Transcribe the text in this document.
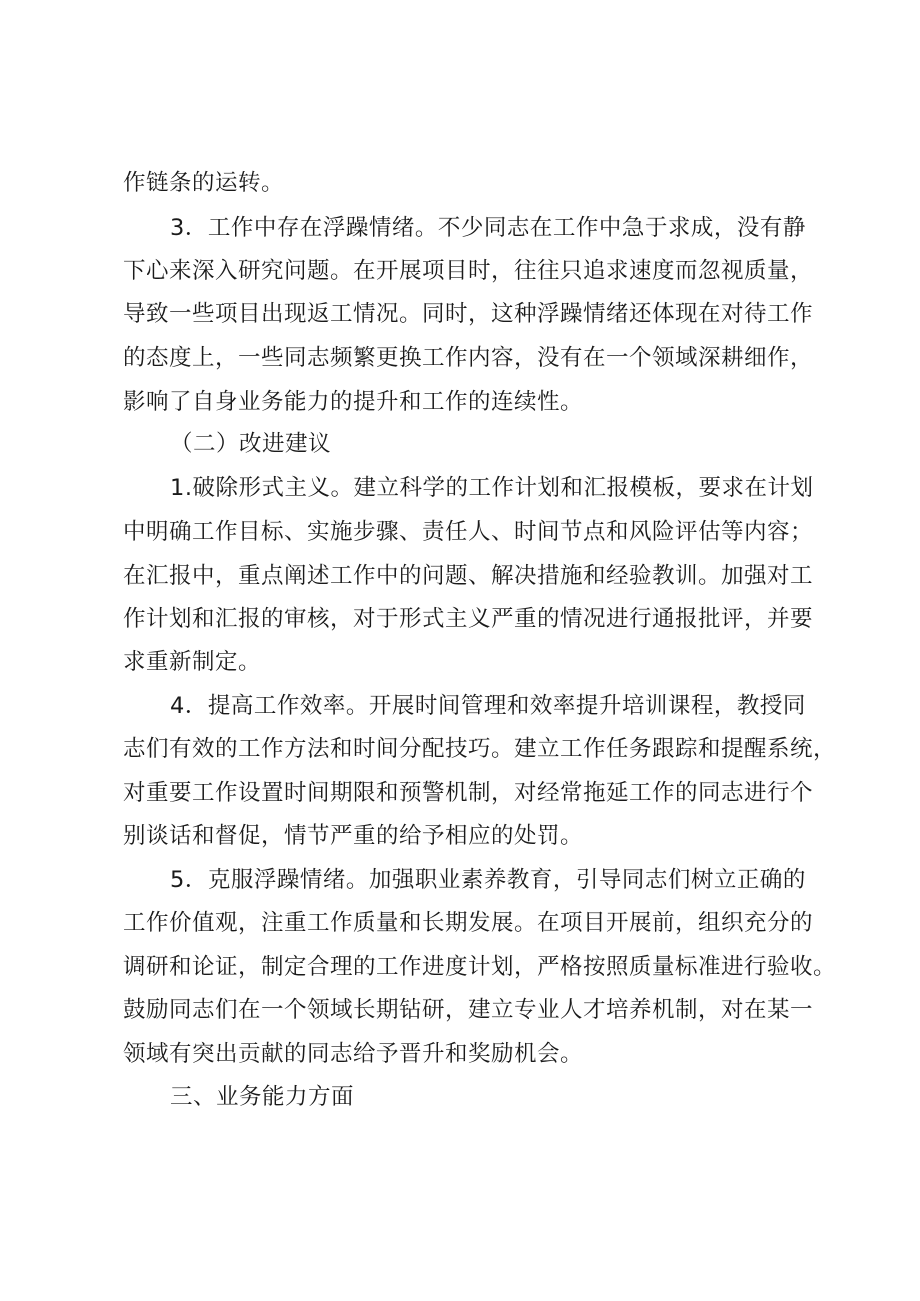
作链条的运转。
3．工作中存在浮躁情绪。不少同志在工作中急于求成，没有静
下心来深入研究问题。在开展项目时，往往只追求速度而忽视质量，
导致一些项目出现返工情况。同时，这种浮躁情绪还体现在对待工作
的态度上，一些同志频繁更换工作内容，没有在一个领域深耕细作，
影响了自身业务能力的提升和工作的连续性。
（二）改进建议
1.破除形式主义。建立科学的工作计划和汇报模板，要求在计划
中明确工作目标、实施步骤、责任人、时间节点和风险评估等内容；
在汇报中，重点阐述工作中的问题、解决措施和经验教训。加强对工
作计划和汇报的审核，对于形式主义严重的情况进行通报批评，并要
求重新制定。
4．提高工作效率。开展时间管理和效率提升培训课程，教授同
志们有效的工作方法和时间分配技巧。建立工作任务跟踪和提醒系统，
对重要工作设置时间期限和预警机制，对经常拖延工作的同志进行个
别谈话和督促，情节严重的给予相应的处罚。
5．克服浮躁情绪。加强职业素养教育，引导同志们树立正确的
工作价值观，注重工作质量和长期发展。在项目开展前，组织充分的
调研和论证，制定合理的工作进度计划，严格按照质量标准进行验收。
鼓励同志们在一个领域长期钻研，建立专业人才培养机制，对在某一
领域有突出贡献的同志给予晋升和奖励机会。
三、业务能力方面
